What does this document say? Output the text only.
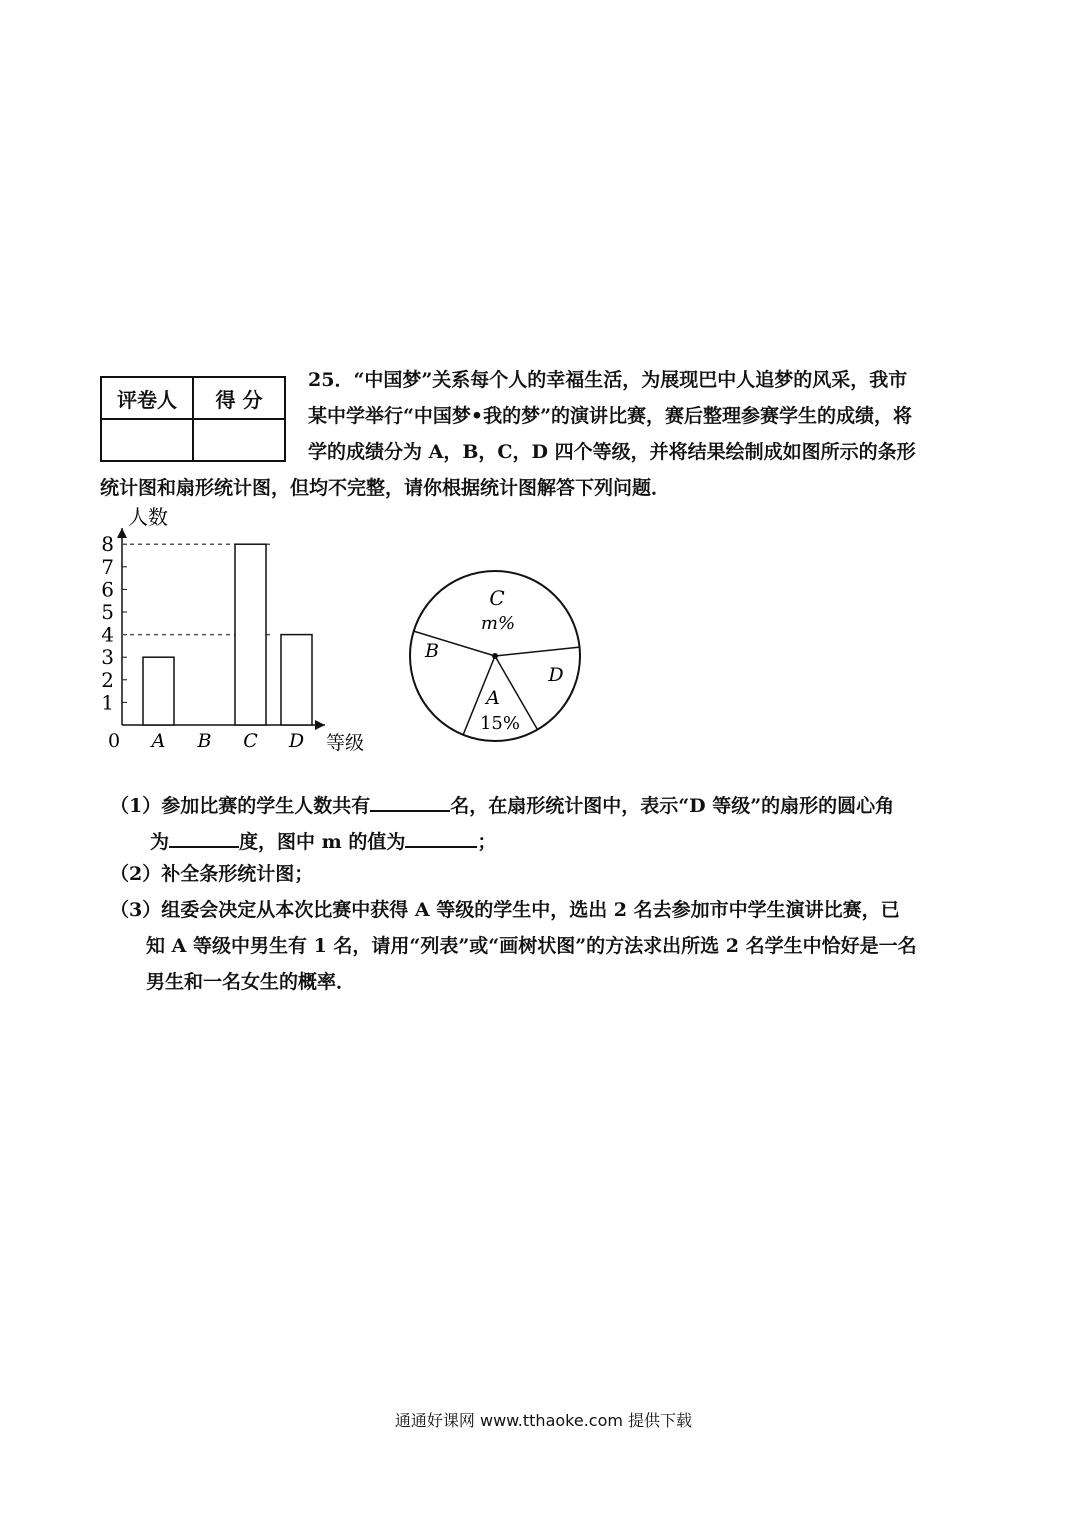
评卷人	得 分

25．“中国梦”关系每个人的幸福生活，为展现巴中人追梦的风采，我市
某中学举行“中国梦•我的梦”的演讲比赛，赛后整理参赛学生的成绩，将
学的成绩分为 A，B，C，D 四个等级，并将结果绘制成如图所示的条形
统计图和扇形统计图，但均不完整，请你根据统计图解答下列问题．
1
2
3
4
5
6
7
8
A B C D
人数
等级
0
C
m%
B
A
15%
D
（1）参加比赛的学生人数共有	名，在扇形统计图中，表示“D 等级”的扇形的圆心角
为	度，图中 m 的值为	；
（2）补全条形统计图；
（3）组委会决定从本次比赛中获得 A 等级的学生中，选出 2 名去参加市中学生演讲比赛，已
知 A 等级中男生有 1 名，请用“列表”或“画树状图”的方法求出所选 2 名学生中恰好是一名
男生和一名女生的概率．
通通好课网 www.tthaoke.com 提供下载
